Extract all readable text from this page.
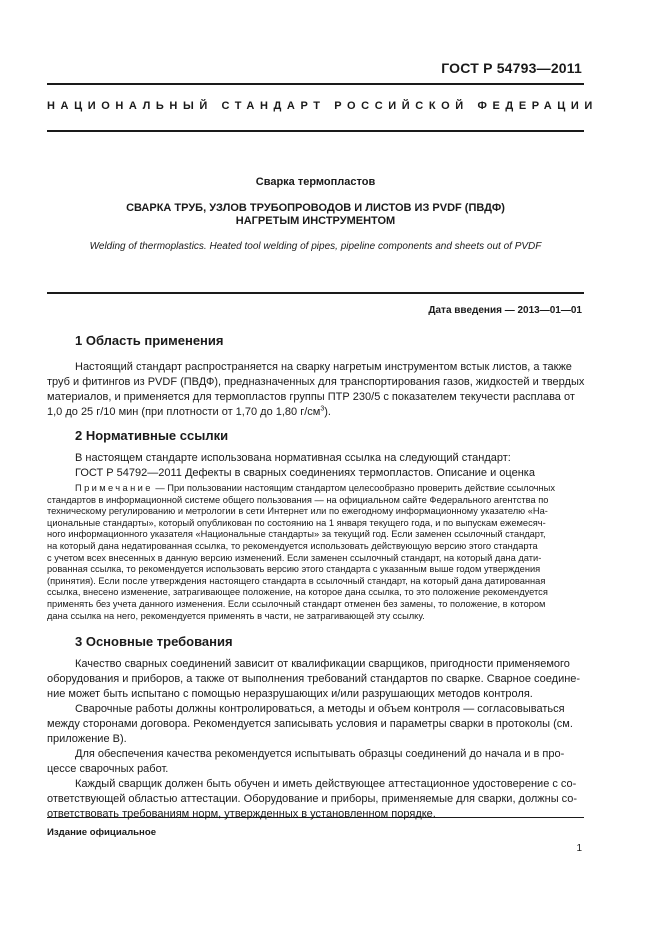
ГОСТ Р 54793—2011
НАЦИОНАЛЬНЫЙ СТАНДАРТ РОССИЙСКОЙ ФЕДЕРАЦИИ
Сварка термопластов
СВАРКА ТРУБ, УЗЛОВ ТРУБОПРОВОДОВ И ЛИСТОВ ИЗ PVDF (ПВДФ)
НАГРЕТЫМ ИНСТРУМЕНТОМ
Welding of thermoplastics. Heated tool welding of pipes, pipeline components and sheets out of PVDF
Дата введения — 2013—01—01
1 Область применения
Настоящий стандарт распространяется на сварку нагретым инструментом встык листов, а также
труб и фитингов из PVDF (ПВДФ), предназначенных для транспортирования газов, жидкостей и твердых
материалов, и применяется для термопластов группы ПТР 230/5 с показателем текучести расплава от
1,0 до 25 г/10 мин (при плотности от 1,70 до 1,80 $г/см^3$).
2 Нормативные ссылки
В настоящем стандарте использована нормативная ссылка на следующий стандарт:
ГОСТ Р 54792—2011 Дефекты в сварных соединениях термопластов. Описание и оценка
Примечание — При пользовании настоящим стандартом целесообразно проверить действие ссылочных
стандартов в информационной системе общего пользования — на официальном сайте Федерального агентства по
техническому регулированию и метрологии в сети Интернет или по ежегодному информационному указателю «На-
циональные стандарты», который опубликован по состоянию на 1 января текущего года, и по выпускам ежемесяч-
ного информационного указателя «Национальные стандарты» за текущий год. Если заменен ссылочный стандарт,
на который дана недатированная ссылка, то рекомендуется использовать действующую версию этого стандарта
с учетом всех внесенных в данную версию изменений. Если заменен ссылочный стандарт, на который дана дати-
рованная ссылка, то рекомендуется использовать версию этого стандарта с указанным выше годом утверждения
(принятия). Если после утверждения настоящего стандарта в ссылочный стандарт, на который дана датированная
ссылка, внесено изменение, затрагивающее положение, на которое дана ссылка, то это положение рекомендуется
применять без учета данного изменения. Если ссылочный стандарт отменен без замены, то положение, в котором
дана ссылка на него, рекомендуется применять в части, не затрагивающей эту ссылку.
3 Основные требования
Качество сварных соединений зависит от квалификации сварщиков, пригодности применяемого
оборудования и приборов, а также от выполнения требований стандартов по сварке. Сварное соедине-
ние может быть испытано с помощью неразрушающих и/или разрушающих методов контроля.
Сварочные работы должны контролироваться, а методы и объем контроля — согласовываться
между сторонами договора. Рекомендуется записывать условия и параметры сварки в протоколы (см.
приложение В).
Для обеспечения качества рекомендуется испытывать образцы соединений до начала и в про-
цессе сварочных работ.
Каждый сварщик должен быть обучен и иметь действующее аттестационное удостоверение с со-
ответствующей областью аттестации. Оборудование и приборы, применяемые для сварки, должны со-
ответствовать требованиям норм, утвержденных в установленном порядке.
Издание официальное
1
